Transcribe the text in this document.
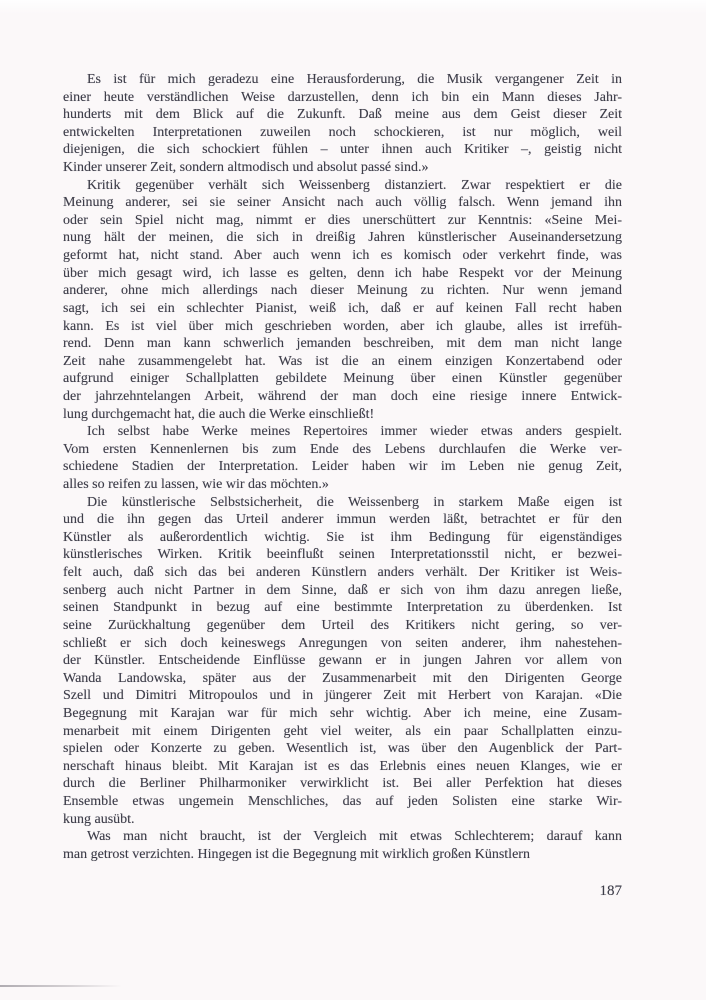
Es ist für mich geradezu eine Herausforderung, die Musik vergangener Zeit in
einer heute verständlichen Weise darzustellen, denn ich bin ein Mann dieses Jahr-
hunderts mit dem Blick auf die Zukunft. Daß meine aus dem Geist dieser Zeit
entwickelten Interpretationen zuweilen noch schockieren, ist nur möglich, weil
diejenigen, die sich schockiert fühlen – unter ihnen auch Kritiker –, geistig nicht
Kinder unserer Zeit, sondern altmodisch und absolut passé sind.»
Kritik gegenüber verhält sich Weissenberg distanziert. Zwar respektiert er die
Meinung anderer, sei sie seiner Ansicht nach auch völlig falsch. Wenn jemand ihn
oder sein Spiel nicht mag, nimmt er dies unerschüttert zur Kenntnis: «Seine Mei-
nung hält der meinen, die sich in dreißig Jahren künstlerischer Auseinandersetzung
geformt hat, nicht stand. Aber auch wenn ich es komisch oder verkehrt finde, was
über mich gesagt wird, ich lasse es gelten, denn ich habe Respekt vor der Meinung
anderer, ohne mich allerdings nach dieser Meinung zu richten. Nur wenn jemand
sagt, ich sei ein schlechter Pianist, weiß ich, daß er auf keinen Fall recht haben
kann. Es ist viel über mich geschrieben worden, aber ich glaube, alles ist irrefüh-
rend. Denn man kann schwerlich jemanden beschreiben, mit dem man nicht lange
Zeit nahe zusammengelebt hat. Was ist die an einem einzigen Konzertabend oder
aufgrund einiger Schallplatten gebildete Meinung über einen Künstler gegenüber
der jahrzehntelangen Arbeit, während der man doch eine riesige innere Entwick-
lung durchgemacht hat, die auch die Werke einschließt!
Ich selbst habe Werke meines Repertoires immer wieder etwas anders gespielt.
Vom ersten Kennenlernen bis zum Ende des Lebens durchlaufen die Werke ver-
schiedene Stadien der Interpretation. Leider haben wir im Leben nie genug Zeit,
alles so reifen zu lassen, wie wir das möchten.»
Die künstlerische Selbstsicherheit, die Weissenberg in starkem Maße eigen ist
und die ihn gegen das Urteil anderer immun werden läßt, betrachtet er für den
Künstler als außerordentlich wichtig. Sie ist ihm Bedingung für eigenständiges
künstlerisches Wirken. Kritik beeinflußt seinen Interpretationsstil nicht, er bezwei-
felt auch, daß sich das bei anderen Künstlern anders verhält. Der Kritiker ist Weis-
senberg auch nicht Partner in dem Sinne, daß er sich von ihm dazu anregen ließe,
seinen Standpunkt in bezug auf eine bestimmte Interpretation zu überdenken. Ist
seine Zurückhaltung gegenüber dem Urteil des Kritikers nicht gering, so ver-
schließt er sich doch keineswegs Anregungen von seiten anderer, ihm nahestehen-
der Künstler. Entscheidende Einflüsse gewann er in jungen Jahren vor allem von
Wanda Landowska, später aus der Zusammenarbeit mit den Dirigenten George
Szell und Dimitri Mitropoulos und in jüngerer Zeit mit Herbert von Karajan. «Die
Begegnung mit Karajan war für mich sehr wichtig. Aber ich meine, eine Zusam-
menarbeit mit einem Dirigenten geht viel weiter, als ein paar Schallplatten einzu-
spielen oder Konzerte zu geben. Wesentlich ist, was über den Augenblick der Part-
nerschaft hinaus bleibt. Mit Karajan ist es das Erlebnis eines neuen Klanges, wie er
durch die Berliner Philharmoniker verwirklicht ist. Bei aller Perfektion hat dieses
Ensemble etwas ungemein Menschliches, das auf jeden Solisten eine starke Wir-
kung ausübt.
Was man nicht braucht, ist der Vergleich mit etwas Schlechterem; darauf kann
man getrost verzichten. Hingegen ist die Begegnung mit wirklich großen Künstlern
187
